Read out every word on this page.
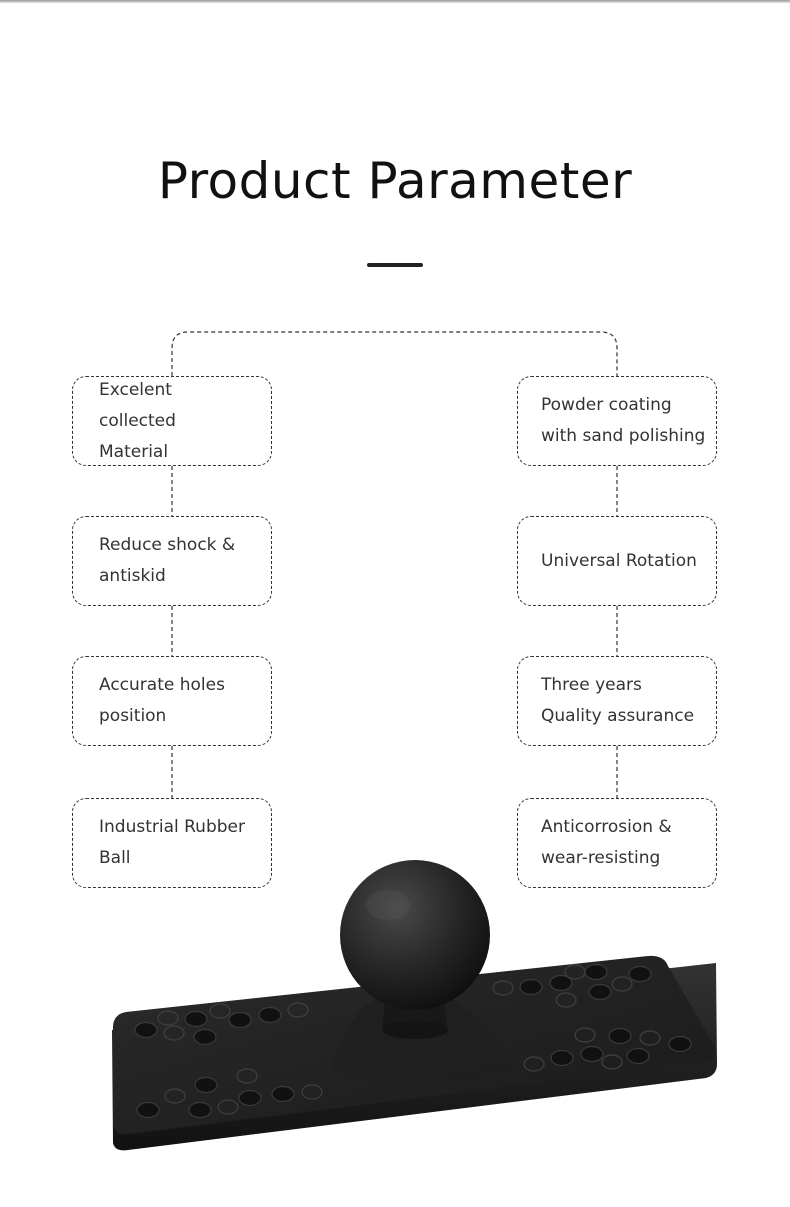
Product Parameter
Excelent collected Material
Reduce shock & antiskid
Accurate holes position
Industrial Rubber Ball
Powder coating with sand polishing
Universal Rotation
Three years Quality assurance
Anticorrosion & wear-resisting
